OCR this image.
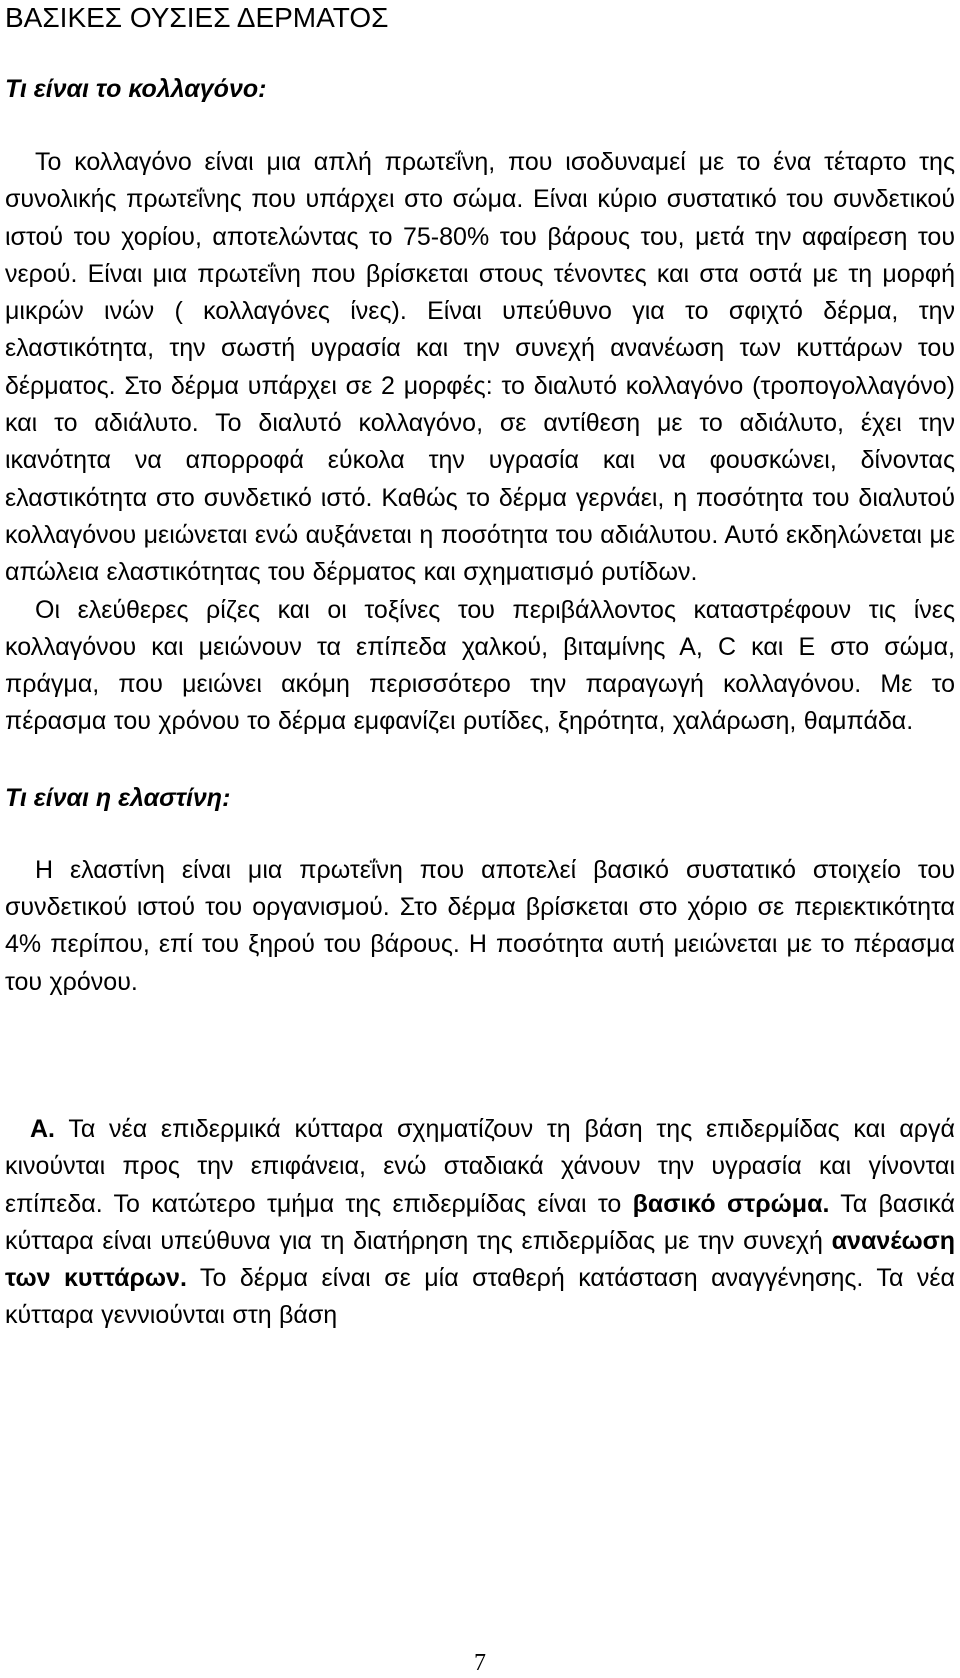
ΒΑΣΙΚΕΣ ΟΥΣΙΕΣ ΔΕΡΜΑΤΟΣ
Τι είναι το κολλαγόνο:

Το κολλαγόνο είναι μια απλή πρωτεΐνη, που ισοδυναμεί με το ένα τέταρτο της συνολικής πρωτεΐνης που υπάρχει στο σώμα. Είναι κύριο συστατικό του συνδετικού ιστού του χορίου, αποτελώντας το 75-80% του βάρους του, μετά την αφαίρεση του νερού. Είναι μια πρωτεΐνη που βρίσκεται στους τένοντες και στα οστά με τη μορφή μικρών ινών ( κολλαγόνες ίνες). Είναι υπεύθυνο για το σφιχτό δέρμα, την ελαστικότητα, την σωστή υγρασία και την συνεχή ανανέωση των κυττάρων του δέρματος. Στο δέρμα υπάρχει σε 2 μορφές: το διαλυτό κολλαγόνο (τροπογολλαγόνο) και το αδιάλυτο. Το διαλυτό κολλαγόνο, σε αντίθεση με το αδιάλυτο, έχει την ικανότητα να απορροφά εύκολα την υγρασία και να φουσκώνει, δίνοντας ελαστικότητα στο συνδετικό ιστό. Καθώς το δέρμα γερνάει, η ποσότητα του διαλυτού κολλαγόνου μειώνεται ενώ αυξάνεται η ποσότητα του αδιάλυτου. Αυτό εκδηλώνεται με απώλεια ελαστικότητας του δέρματος και σχηματισμό ρυτίδων.

Οι ελεύθερες ρίζες και οι τοξίνες του περιβάλλοντος καταστρέφουν τις ίνες κολλαγόνου και μειώνουν τα επίπεδα χαλκού, βιταμίνης Α, C και Ε στο σώμα, πράγμα, που μειώνει ακόμη περισσότερο την παραγωγή κολλαγόνου. Με το πέρασμα του χρόνου το δέρμα εμφανίζει ρυτίδες, ξηρότητα, χαλάρωση, θαμπάδα.

Τι είναι η ελαστίνη:

Η ελαστίνη είναι μια πρωτεΐνη που αποτελεί βασικό συστατικό στοιχείο του συνδετικού ιστού του οργανισμού. Στο δέρμα βρίσκεται στο χόριο σε περιεκτικότητα 4% περίπου, επί του ξηρού του βάρους. Η ποσότητα αυτή μειώνεται με το πέρασμα του χρόνου.

Α. Τα νέα επιδερμικά κύτταρα σχηματίζουν τη βάση της επιδερμίδας και αργά κινούνται προς την επιφάνεια, ενώ σταδιακά χάνουν την υγρασία και γίνονται επίπεδα. Το κατώτερο τμήμα της επιδερμίδας είναι το βασικό στρώμα. Τα βασικά κύτταρα είναι υπεύθυνα για τη διατήρηση της επιδερμίδας με την συνεχή ανανέωση των κυττάρων. Το δέρμα είναι σε μία σταθερή κατάσταση αναγγένησης. Τα νέα κύτταρα γεννιούνται στη βάση

7
